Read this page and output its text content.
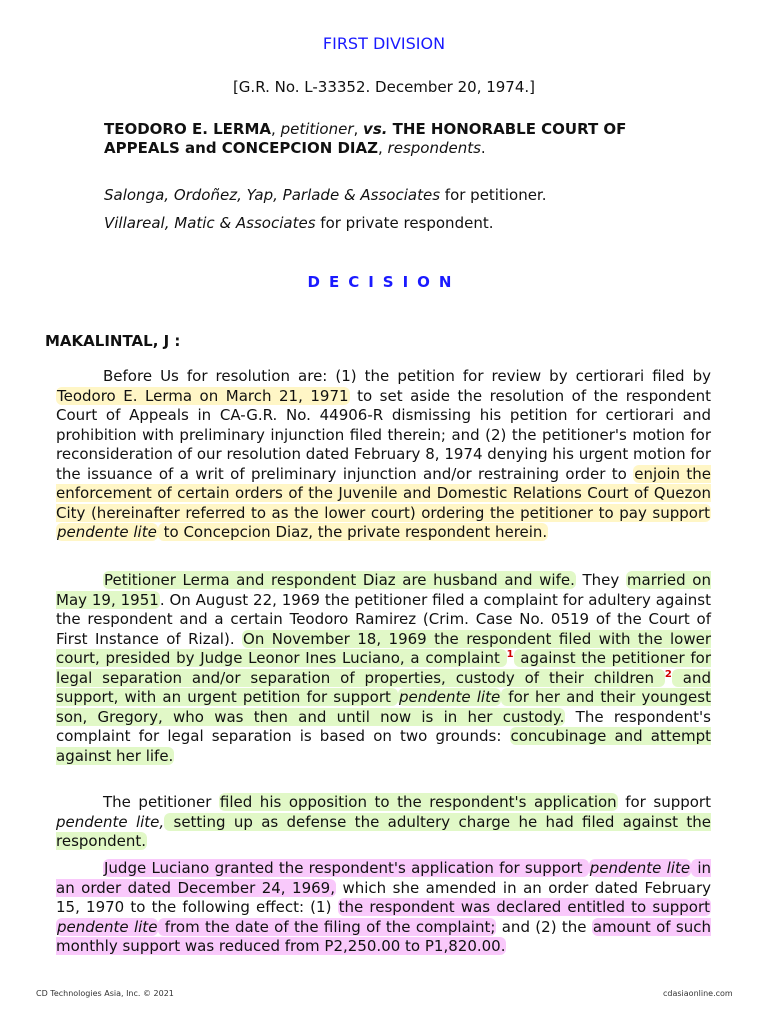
FIRST DIVISION
[G.R. No. L-33352. December 20, 1974.]
TEODORO E. LERMA, petitioner, vs. THE HONORABLE COURT OF APPEALS and CONCEPCION DIAZ, respondents.
Salonga, Ordoñez, Yap, Parlade & Associates for petitioner.
Villareal, Matic & Associates for private respondent.
DECISION
MAKALINTAL, J :

Before Us for resolution are: (1) the petition for review by certiorari filed by Teodoro E. Lerma on March 21, 1971 to set aside the resolution of the respondent Court of Appeals in CA-G.R. No. 44906-R dismissing his petition for certiorari and prohibition with preliminary injunction filed therein; and (2) the petitioner's motion for reconsideration of our resolution dated February 8, 1974 denying his urgent motion for the issuance of a writ of preliminary injunction and/or restraining order to enjoin the enforcement of certain orders of the Juvenile and Domestic Relations Court of Quezon City (hereinafter referred to as the lower court) ordering the petitioner to pay support pendente lite to Concepcion Diaz, the private respondent herein.

Petitioner Lerma and respondent Diaz are husband and wife. They married on May 19, 1951. On August 22, 1969 the petitioner filed a complaint for adultery against the respondent and a certain Teodoro Ramirez (Crim. Case No. 0519 of the Court of First Instance of Rizal). On November 18, 1969 the respondent filed with the lower court, presided by Judge Leonor Ines Luciano, a complaint $^1$ against the petitioner for legal separation and/or separation of properties, custody of their children $^2$ and support, with an urgent petition for support pendente lite for her and their youngest son, Gregory, who was then and until now is in her custody. The respondent's complaint for legal separation is based on two grounds: concubinage and attempt against her life.

The petitioner filed his opposition to the respondent's application for support pendente lite, setting up as defense the adultery charge he had filed against the respondent.

Judge Luciano granted the respondent's application for support pendente lite in an order dated December 24, 1969, which she amended in an order dated February 15, 1970 to the following effect: (1) the respondent was declared entitled to support pendente lite from the date of the filing of the complaint; and (2) the amount of such monthly support was reduced from P2,250.00 to P1,820.00.

CD Technologies Asia, Inc. © 2021	cdasiaonline.com
